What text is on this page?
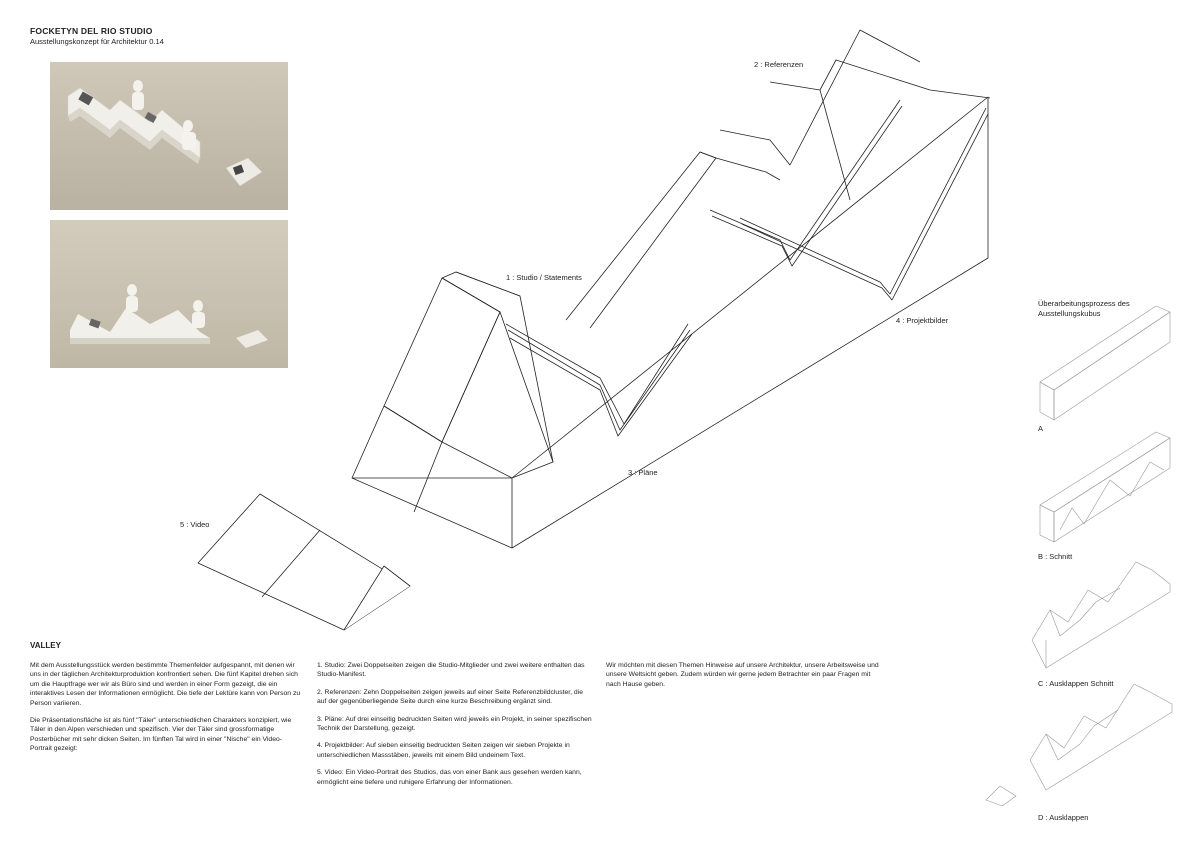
FOCKETYN DEL RIO STUDIO
Ausstellungskonzept für Architektur 0.14
1 : Studio / Statements
2 : Referenzen
3 : Pläne
4 : Projektbilder
5 : Video
Überarbeitungsprozess des
Ausstellungskubus
A
B : Schnitt
C : Ausklappen Schnitt
D : Ausklappen
VALLEY

Mit dem Ausstellungsstück werden bestimmte Themenfelder aufgespannt, mit denen wir uns in der täglichen Architekturproduktion konfrontiert sehen. Die fünf Kapitel drehen sich um die Hauptfrage wer wir als Büro sind und werden in einer Form gezeigt, die ein interaktives Lesen der Informationen ermöglicht. Die tiefe der Lektüre kann von Person zu Person variieren.

Die Präsentationsfläche ist als fünf "Täler" unterschiedlichen Charakters konzipiert, wie Täler in den Alpen verschieden und spezifisch. Vier der Täler sind grossformatige Posterbücher mit sehr dicken Seiten. Im fünften Tal wird in einer "Nische" ein Video-Portrait gezeigt:

1. Studio: Zwei Doppelseiten zeigen die Studio-Mitglieder und zwei weitere enthalten das Studio-Manifest.

2. Referenzen: Zehn Doppelseiten zeigen jeweils auf einer Seite Referenzbildcluster, die auf der gegenüberliegende Seite durch eine kurze Beschreibung ergänzt sind.

3. Pläne: Auf drei einseitig bedruckten Seiten wird jeweils ein Projekt, in seiner spezifischen Technik der Darstellung, gezeigt.

4. Projektbilder: Auf sieben einseitig bedruckten Seiten zeigen wir sieben Projekte in unterschiedlichen Massstäben, jeweils mit einem Bild undeinem Text.

5. Video: Ein Video-Portrait des Studios, das von einer Bank aus gesehen werden kann, ermöglicht eine tiefere und ruhigere Erfahrung der Informationen.

Wir möchten mit diesen Themen Hinweise auf unsere Architektur, unsere Arbeitsweise und unsere Weltsicht geben. Zudem würden wir gerne jedem Betrachter ein paar Fragen mit nach Hause geben.
